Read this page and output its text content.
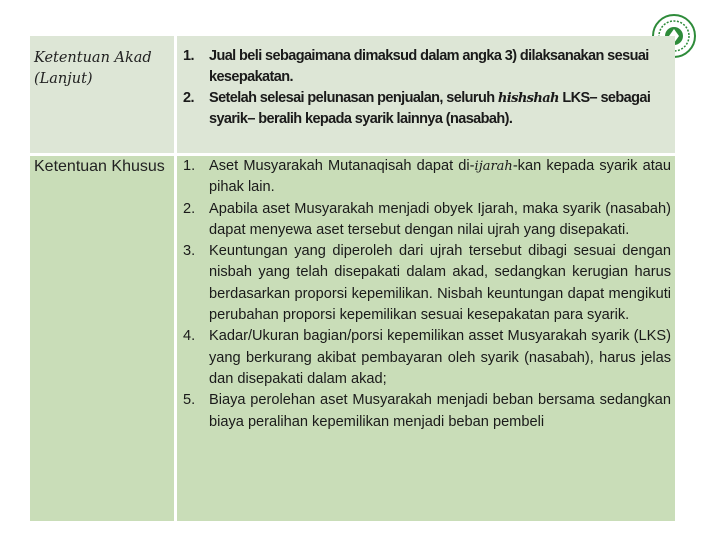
Ketentuan Akad (Lanjut)
1. Jual beli sebagaimana dimaksud dalam angka 3) dilaksanakan sesuai kesepakatan.
2. Setelah selesai pelunasan penjualan, seluruh hishshah LKS– sebagai syarik– beralih kepada syarik lainnya (nasabah).
Ketentuan Khusus	1. Aset Musyarakah Mutanaqisah dapat di-ijarah-kan kepada syarik atau pihak lain.
2. Apabila aset Musyarakah menjadi obyek Ijarah, maka syarik (nasabah) dapat menyewa aset tersebut dengan nilai ujrah yang disepakati.
3. Keuntungan yang diperoleh dari ujrah tersebut dibagi sesuai dengan nisbah yang telah disepakati dalam akad, sedangkan kerugian harus berdasarkan proporsi kepemilikan. Nisbah keuntungan dapat mengikuti perubahan proporsi kepemilikan sesuai kesepakatan para syarik.
4. Kadar/Ukuran bagian/porsi kepemilikan asset Musyarakah syarik (LKS) yang berkurang akibat pembayaran oleh syarik (nasabah), harus jelas dan disepakati dalam akad;
5. Biaya perolehan aset Musyarakah menjadi beban bersama sedangkan biaya peralihan kepemilikan menjadi beban pembeli
